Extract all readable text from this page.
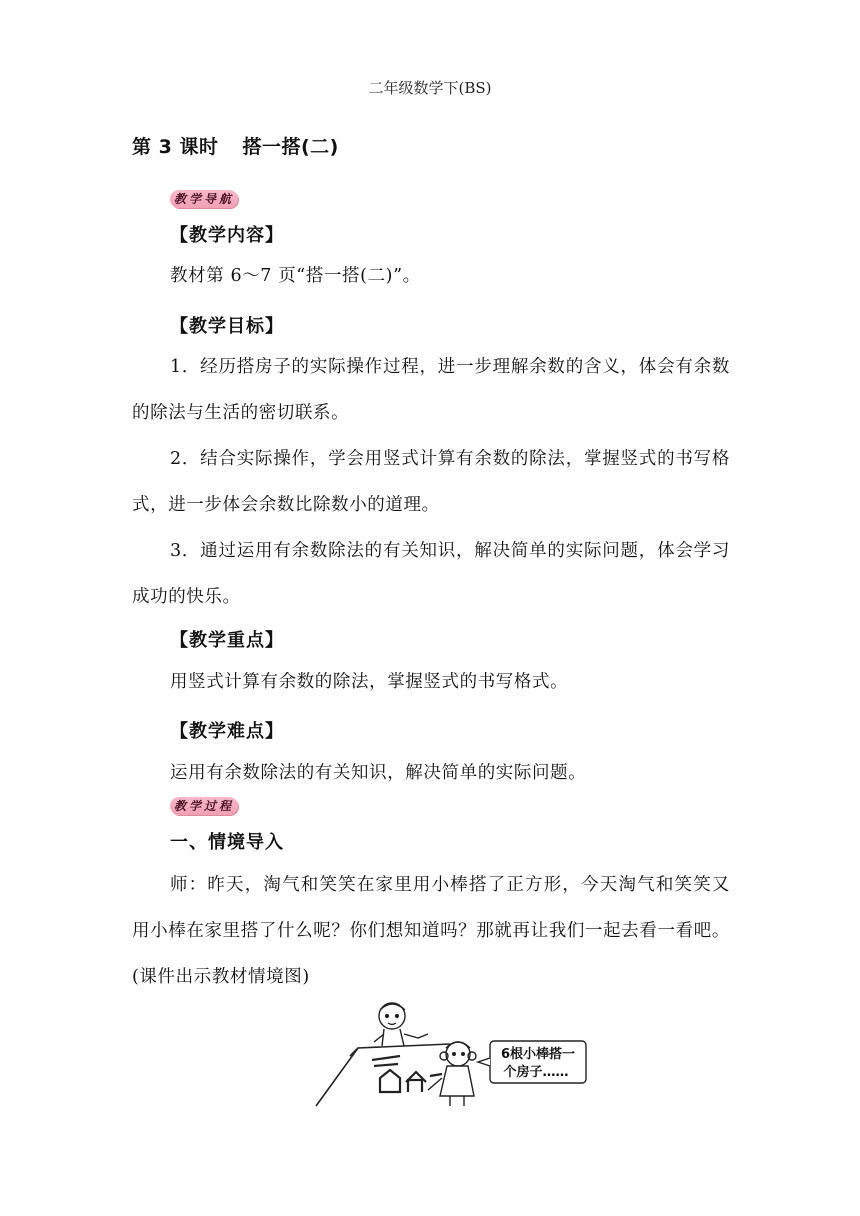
二年级数学下(BS)
第 3 课时 搭一搭(二)
教学导航
【教学内容】
教材第 6～7 页“搭一搭(二)”。
【教学目标】
1．经历搭房子的实际操作过程，进一步理解余数的含义，体会有余数的除法与生活的密切联系。
2．结合实际操作，学会用竖式计算有余数的除法，掌握竖式的书写格式，进一步体会余数比除数小的道理。
3．通过运用有余数除法的有关知识，解决简单的实际问题，体会学习成功的快乐。
【教学重点】
用竖式计算有余数的除法，掌握竖式的书写格式。
【教学难点】
运用有余数除法的有关知识，解决简单的实际问题。
教学过程
一、情境导入
师：昨天，淘气和笑笑在家里用小棒搭了正方形，今天淘气和笑笑又用小棒在家里搭了什么呢？你们想知道吗？那就再让我们一起去看一看吧。(课件出示教材情境图)
6根小棒搭一
个房子……
